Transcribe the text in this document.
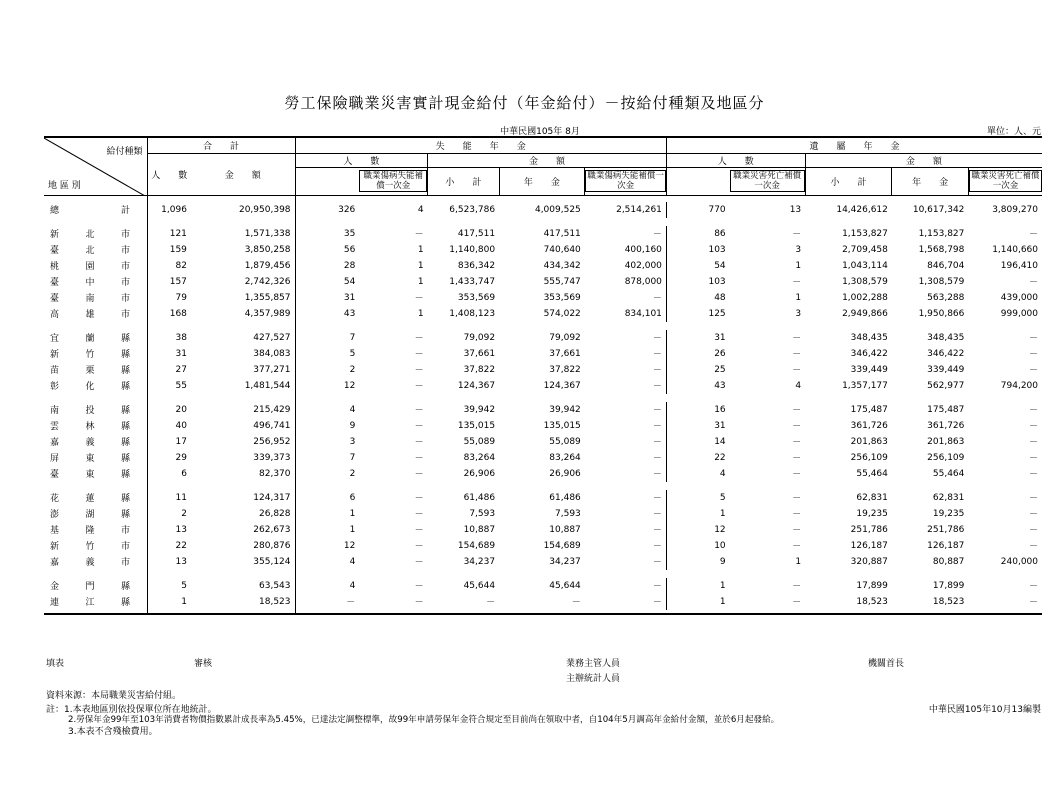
勞工保險職業災害實計現金給付（年金給付）－按給付種類及地區分
中華民國105年 8月	單位：人、元
給付種類
地 區 別	合　　計		失　　能　　年　　金					遺　　屬　　年　　金				
	人　　數	金　　額	人　　數		金　　額			人　　數		金　　額		

				職業傷病失能補償一次金	小　　計	年　　金	職業傷病失能補償一次金		職業災害死亡補償一次金	小　　計	年　　金	職業災害死亡補償一次金

總 計	1,096	20,950,398	326	4	6,523,786	4,009,525	2,514,261	770	13	14,426,612	10,617,342	3,809,270

新 北 市	121	1,571,338	35	－	417,511	417,511	－	86	－	1,153,827	1,153,827	－

臺 北 市	159	3,850,258	56	1	1,140,800	740,640	400,160	103	3	2,709,458	1,568,798	1,140,660

桃 園 市	82	1,879,456	28	1	836,342	434,342	402,000	54	1	1,043,114	846,704	196,410

臺 中 市	157	2,742,326	54	1	1,433,747	555,747	878,000	103	－	1,308,579	1,308,579	－

臺 南 市	79	1,355,857	31	－	353,569	353,569	－	48	1	1,002,288	563,288	439,000

高 雄 市	168	4,357,989	43	1	1,408,123	574,022	834,101	125	3	2,949,866	1,950,866	999,000

宜 蘭 縣	38	427,527	7	－	79,092	79,092	－	31	－	348,435	348,435	－

新 竹 縣	31	384,083	5	－	37,661	37,661	－	26	－	346,422	346,422	－

苗 栗 縣	27	377,271	2	－	37,822	37,822	－	25	－	339,449	339,449	－

彰 化 縣	55	1,481,544	12	－	124,367	124,367	－	43	4	1,357,177	562,977	794,200

南 投 縣	20	215,429	4	－	39,942	39,942	－	16	－	175,487	175,487	－

雲 林 縣	40	496,741	9	－	135,015	135,015	－	31	－	361,726	361,726	－

嘉 義 縣	17	256,952	3	－	55,089	55,089	－	14	－	201,863	201,863	－

屏 東 縣	29	339,373	7	－	83,264	83,264	－	22	－	256,109	256,109	－

臺 東 縣	6	82,370	2	－	26,906	26,906	－	4	－	55,464	55,464	－

花 蓮 縣	11	124,317	6	－	61,486	61,486	－	5	－	62,831	62,831	－

澎 湖 縣	2	26,828	1	－	7,593	7,593	－	1	－	19,235	19,235	－

基 隆 市	13	262,673	1	－	10,887	10,887	－	12	－	251,786	251,786	－

新 竹 市	22	280,876	12	－	154,689	154,689	－	10	－	126,187	126,187	－

嘉 義 市	13	355,124	4	－	34,237	34,237	－	9	1	320,887	80,887	240,000

金 門 縣	5	63,543	4	－	45,644	45,644	－	1	－	17,899	17,899	－

連 江 縣	1	18,523	－	－	－	－	－	1	－	18,523	18,523	－

填表	審核	業務主管人員	機關首長
主辦統計人員
資料來源：本局職業災害給付組。
註：1.本表地區別依投保單位所在地統計。	中華民國105年10月13編製
2.勞保年金99年至103年消費者物價指數累計成長率為5.45%，已達法定調整標準，故99年申請勞保年金符合規定至目前尚在領取中者，自104年5月調高年金給付金額，並於6月起發給。
3.本表不含殘檢費用。
